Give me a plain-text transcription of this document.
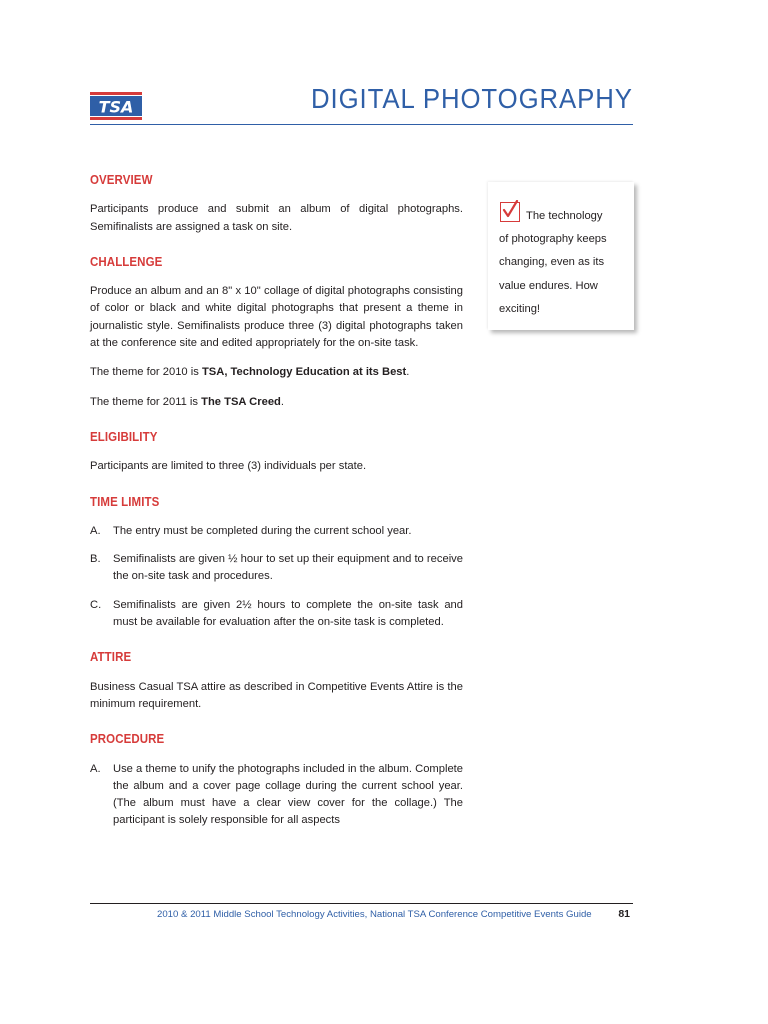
TSA	DIGITAL PHOTOGRAPHY
OVERVIEW

Participants produce and submit an album of digital photographs. Semifinalists are assigned a task on site.

CHALLENGE

Produce an album and an 8" x 10" collage of digital photographs consisting of color or black and white digital photographs that present a theme in journalistic style. Semifinalists produce three (3) digital photographs taken at the conference site and edited appropriately for the on-site task.

The theme for 2010 is TSA, Technology Education at its Best.

The theme for 2011 is The TSA Creed.

ELIGIBILITY

Participants are limited to three (3) individuals per state.

TIME LIMITS
A.	The entry must be completed during the current school year.
B.	Semifinalists are given ½ hour to set up their equipment and to receive the on-site task and procedures.
C.	Semifinalists are given 2½ hours to complete the on-site task and must be available for evaluation after the on-site task is completed.
ATTIRE

Business Casual TSA attire as described in Competitive Events Attire is the minimum requirement.

PROCEDURE
A.	Use a theme to unify the photographs included in the album. Complete the album and a cover page collage during the current school year. (The album must have a clear view cover for the collage.) The participant is solely responsible for all aspects
The technology
of photography keeps
changing, even as its
value endures. How
exciting!
2010 & 2011 Middle School Technology Activities, National TSA Conference Competitive Events Guide	81
